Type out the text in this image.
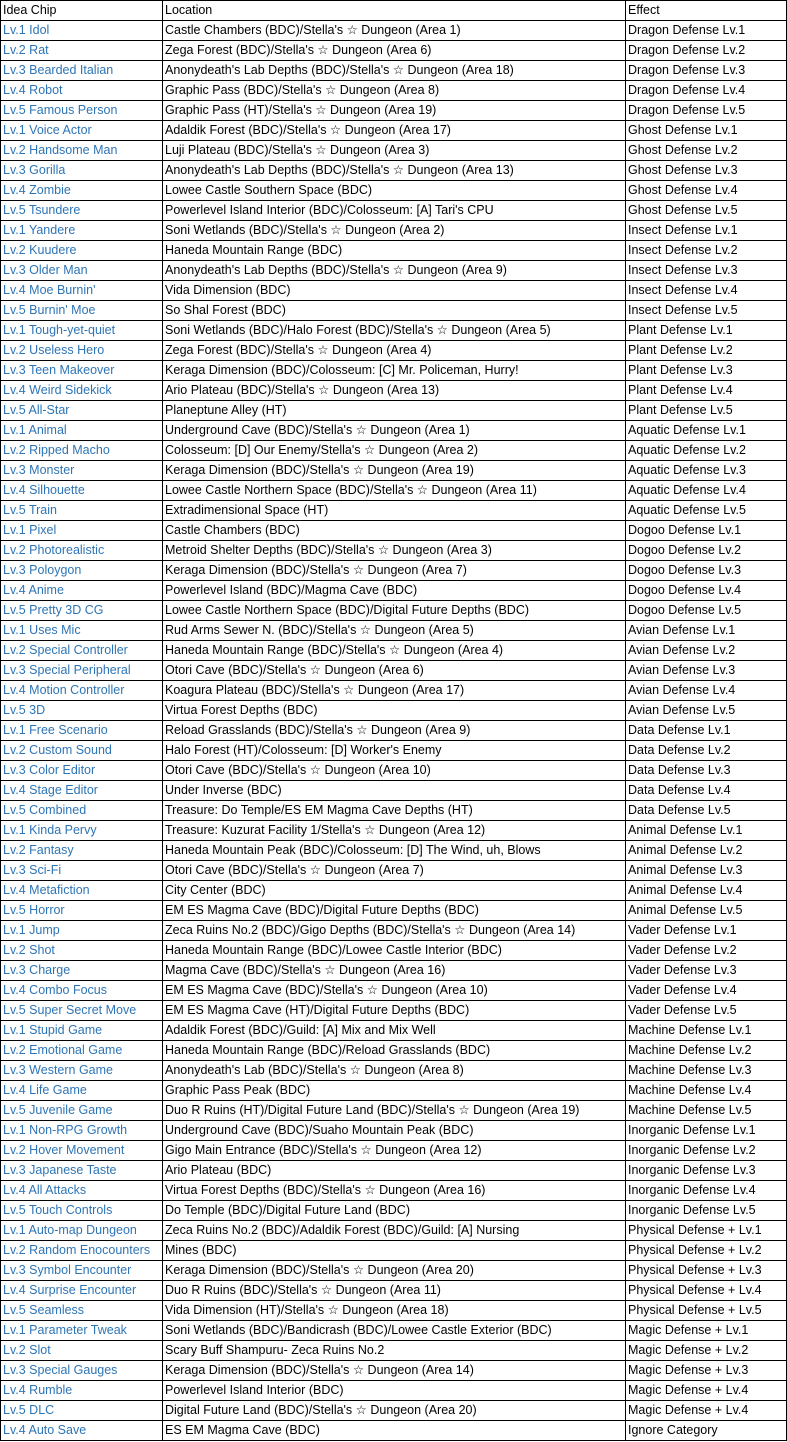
Idea Chip	Location	Effect
Lv.1 Idol	Castle Chambers (BDC)/Stella's ☆ Dungeon (Area 1)	Dragon Defense Lv.1
Lv.2 Rat	Zega Forest (BDC)/Stella's ☆ Dungeon (Area 6)	Dragon Defense Lv.2
Lv.3 Bearded Italian	Anonydeath's Lab Depths (BDC)/Stella's ☆ Dungeon (Area 18)	Dragon Defense Lv.3
Lv.4 Robot	Graphic Pass (BDC)/Stella's ☆ Dungeon (Area 8)	Dragon Defense Lv.4
Lv.5 Famous Person	Graphic Pass (HT)/Stella's ☆ Dungeon (Area 19)	Dragon Defense Lv.5
Lv.1 Voice Actor	Adaldik Forest (BDC)/Stella's ☆ Dungeon (Area 17)	Ghost Defense Lv.1
Lv.2 Handsome Man	Luji Plateau (BDC)/Stella's ☆ Dungeon (Area 3)	Ghost Defense Lv.2
Lv.3 Gorilla	Anonydeath's Lab Depths (BDC)/Stella's ☆ Dungeon (Area 13)	Ghost Defense Lv.3
Lv.4 Zombie	Lowee Castle Southern Space (BDC)	Ghost Defense Lv.4
Lv.5 Tsundere	Powerlevel Island Interior (BDC)/Colosseum: [A] Tari's CPU	Ghost Defense Lv.5
Lv.1 Yandere	Soni Wetlands (BDC)/Stella's ☆ Dungeon (Area 2)	Insect Defense Lv.1
Lv.2 Kuudere	Haneda Mountain Range (BDC)	Insect Defense Lv.2
Lv.3 Older Man	Anonydeath's Lab Depths (BDC)/Stella's ☆ Dungeon (Area 9)	Insect Defense Lv.3
Lv.4 Moe Burnin'	Vida Dimension (BDC)	Insect Defense Lv.4
Lv.5 Burnin' Moe	So Shal Forest (BDC)	Insect Defense Lv.5
Lv.1 Tough-yet-quiet	Soni Wetlands (BDC)/Halo Forest (BDC)/Stella's ☆ Dungeon (Area 5)	Plant Defense Lv.1
Lv.2 Useless Hero	Zega Forest (BDC)/Stella's ☆ Dungeon (Area 4)	Plant Defense Lv.2
Lv.3 Teen Makeover	Keraga Dimension (BDC)/Colosseum: [C] Mr. Policeman, Hurry!	Plant Defense Lv.3
Lv.4 Weird Sidekick	Ario Plateau (BDC)/Stella's ☆ Dungeon (Area 13)	Plant Defense Lv.4
Lv.5 All-Star	Planeptune Alley (HT)	Plant Defense Lv.5
Lv.1 Animal	Underground Cave (BDC)/Stella's ☆ Dungeon (Area 1)	Aquatic Defense Lv.1
Lv.2 Ripped Macho	Colosseum: [D] Our Enemy/Stella's ☆ Dungeon (Area 2)	Aquatic Defense Lv.2
Lv.3 Monster	Keraga Dimension (BDC)/Stella's ☆ Dungeon (Area 19)	Aquatic Defense Lv.3
Lv.4 Silhouette	Lowee Castle Northern Space (BDC)/Stella's ☆ Dungeon (Area 11)	Aquatic Defense Lv.4
Lv.5 Train	Extradimensional Space (HT)	Aquatic Defense Lv.5
Lv.1 Pixel	Castle Chambers (BDC)	Dogoo Defense Lv.1
Lv.2 Photorealistic	Metroid Shelter Depths (BDC)/Stella's ☆ Dungeon (Area 3)	Dogoo Defense Lv.2
Lv.3 Poloygon	Keraga Dimension (BDC)/Stella's ☆ Dungeon (Area 7)	Dogoo Defense Lv.3
Lv.4 Anime	Powerlevel Island (BDC)/Magma Cave (BDC)	Dogoo Defense Lv.4
Lv.5 Pretty 3D CG	Lowee Castle Northern Space (BDC)/Digital Future Depths (BDC)	Dogoo Defense Lv.5
Lv.1 Uses Mic	Rud Arms Sewer N. (BDC)/Stella's ☆ Dungeon (Area 5)	Avian Defense Lv.1
Lv.2 Special Controller	Haneda Mountain Range (BDC)/Stella's ☆ Dungeon (Area 4)	Avian Defense Lv.2
Lv.3 Special Peripheral	Otori Cave (BDC)/Stella's ☆ Dungeon (Area 6)	Avian Defense Lv.3
Lv.4 Motion Controller	Koagura Plateau (BDC)/Stella's ☆ Dungeon (Area 17)	Avian Defense Lv.4
Lv.5 3D	Virtua Forest Depths (BDC)	Avian Defense Lv.5
Lv.1 Free Scenario	Reload Grasslands (BDC)/Stella's ☆ Dungeon (Area 9)	Data Defense Lv.1
Lv.2 Custom Sound	Halo Forest (HT)/Colosseum: [D] Worker's Enemy	Data Defense Lv.2
Lv.3 Color Editor	Otori Cave (BDC)/Stella's ☆ Dungeon (Area 10)	Data Defense Lv.3
Lv.4 Stage Editor	Under Inverse (BDC)	Data Defense Lv.4
Lv.5 Combined	Treasure: Do Temple/ES EM Magma Cave Depths (HT)	Data Defense Lv.5
Lv.1 Kinda Pervy	Treasure: Kuzurat Facility 1/Stella's ☆ Dungeon (Area 12)	Animal Defense Lv.1
Lv.2 Fantasy	Haneda Mountain Peak (BDC)/Colosseum: [D] The Wind, uh, Blows	Animal Defense Lv.2
Lv.3 Sci-Fi	Otori Cave (BDC)/Stella's ☆ Dungeon (Area 7)	Animal Defense Lv.3
Lv.4 Metafiction	City Center (BDC)	Animal Defense Lv.4
Lv.5 Horror	EM ES Magma Cave (BDC)/Digital Future Depths (BDC)	Animal Defense Lv.5
Lv.1 Jump	Zeca Ruins No.2 (BDC)/Gigo Depths (BDC)/Stella's ☆ Dungeon (Area 14)	Vader Defense Lv.1
Lv.2 Shot	Haneda Mountain Range (BDC)/Lowee Castle Interior (BDC)	Vader Defense Lv.2
Lv.3 Charge	Magma Cave (BDC)/Stella's ☆ Dungeon (Area 16)	Vader Defense Lv.3
Lv.4 Combo Focus	EM ES Magma Cave (BDC)/Stella's ☆ Dungeon (Area 10)	Vader Defense Lv.4
Lv.5 Super Secret Move	EM ES Magma Cave (HT)/Digital Future Depths (BDC)	Vader Defense Lv.5
Lv.1 Stupid Game	Adaldik Forest (BDC)/Guild: [A] Mix and Mix Well	Machine Defense Lv.1
Lv.2 Emotional Game	Haneda Mountain Range (BDC)/Reload Grasslands (BDC)	Machine Defense Lv.2
Lv.3 Western Game	Anonydeath's Lab (BDC)/Stella's ☆ Dungeon (Area 8)	Machine Defense Lv.3
Lv.4 Life Game	Graphic Pass Peak (BDC)	Machine Defense Lv.4
Lv.5 Juvenile Game	Duo R Ruins (HT)/Digital Future Land (BDC)/Stella's ☆ Dungeon (Area 19)	Machine Defense Lv.5
Lv.1 Non-RPG Growth	Underground Cave (BDC)/Suaho Mountain Peak (BDC)	Inorganic Defense Lv.1
Lv.2 Hover Movement	Gigo Main Entrance (BDC)/Stella's ☆ Dungeon (Area 12)	Inorganic Defense Lv.2
Lv.3 Japanese Taste	Ario Plateau (BDC)	Inorganic Defense Lv.3
Lv.4 All Attacks	Virtua Forest Depths (BDC)/Stella's ☆ Dungeon (Area 16)	Inorganic Defense Lv.4
Lv.5 Touch Controls	Do Temple (BDC)/Digital Future Land (BDC)	Inorganic Defense Lv.5
Lv.1 Auto-map Dungeon	Zeca Ruins No.2 (BDC)/Adaldik Forest (BDC)/Guild: [A] Nursing	Physical Defense + Lv.1
Lv.2 Random Enocounters	Mines (BDC)	Physical Defense + Lv.2
Lv.3 Symbol Encounter	Keraga Dimension (BDC)/Stella's ☆ Dungeon (Area 20)	Physical Defense + Lv.3
Lv.4 Surprise Encounter	Duo R Ruins (BDC)/Stella's ☆ Dungeon (Area 11)	Physical Defense + Lv.4
Lv.5 Seamless	Vida Dimension (HT)/Stella's ☆ Dungeon (Area 18)	Physical Defense + Lv.5
Lv.1 Parameter Tweak	Soni Wetlands (BDC)/Bandicrash (BDC)/Lowee Castle Exterior (BDC)	Magic Defense + Lv.1
Lv.2 Slot	Scary Buff Shampuru- Zeca Ruins No.2	Magic Defense + Lv.2
Lv.3 Special Gauges	Keraga Dimension (BDC)/Stella's ☆ Dungeon (Area 14)	Magic Defense + Lv.3
Lv.4 Rumble	Powerlevel Island Interior (BDC)	Magic Defense + Lv.4
Lv.5 DLC	Digital Future Land (BDC)/Stella's ☆ Dungeon (Area 20)	Magic Defense + Lv.4
Lv.4 Auto Save	ES EM Magma Cave (BDC)	Ignore Category
